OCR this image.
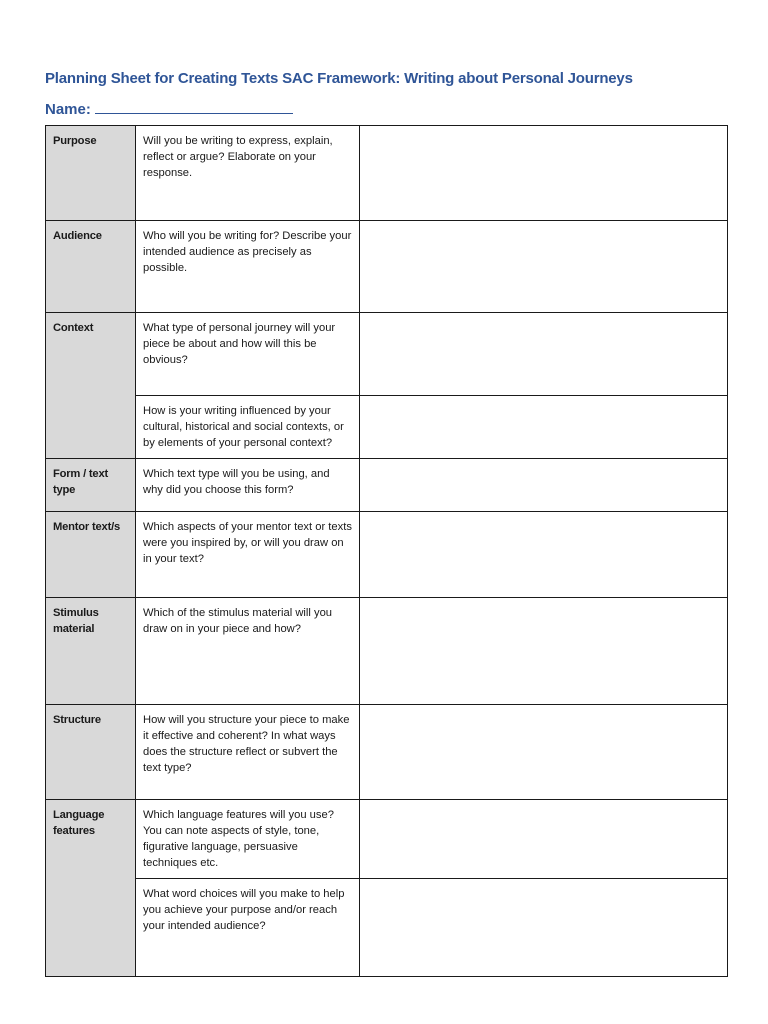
Planning Sheet for Creating Texts SAC Framework: Writing about Personal Journeys
Name:
Purpose	Will you be writing to express, explain, reflect or argue? Elaborate on your response.	
Audience	Who will you be writing for? Describe your intended audience as precisely as possible.	
Context	What type of personal journey will your piece be about and how will this be obvious?	
	How is your writing influenced by your cultural, historical and social contexts, or by elements of your personal context?	
Form / text type	Which text type will you be using, and why did you choose this form?	
Mentor text/s	Which aspects of your mentor text or texts were you inspired by, or will you draw on in your text?	
Stimulus material	Which of the stimulus material will you draw on in your piece and how?	
Structure	How will you structure your piece to make it effective and coherent? In what ways does the structure reflect or subvert the text type?	
Language features	Which language features will you use? You can note aspects of style, tone, figurative language, persuasive techniques etc.	
	What word choices will you make to help you achieve your purpose and/or reach your intended audience?	
